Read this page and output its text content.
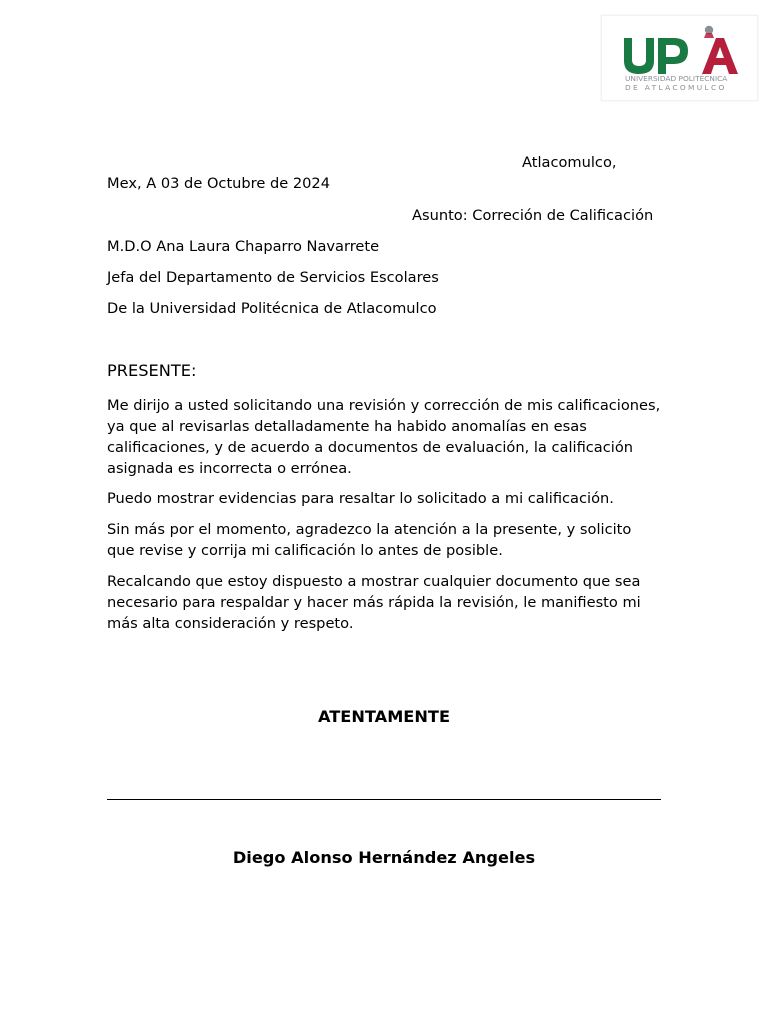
UNIVERSIDAD POLITÉCNICA
DE ATLACOMULCO
Atlacomulco,
Mex, A 03 de Octubre de 2024
Asunto: Correción de Calificación
M.D.O Ana Laura Chaparro Navarrete
Jefa del Departamento de Servicios Escolares
De la Universidad Politécnica de Atlacomulco
PRESENTE:
Me dirijo a usted solicitando una revisión y corrección de mis calificaciones, ya que al revisarlas detalladamente ha habido anomalías en esas calificaciones, y de acuerdo a documentos de evaluación, la calificación asignada es incorrecta o errónea.
Puedo mostrar evidencias para resaltar lo solicitado a mi calificación.
Sin más por el momento, agradezco la atención a la presente, y solicito que revise y corrija mi calificación lo antes de posible.
Recalcando que estoy dispuesto a mostrar cualquier documento que sea necesario para respaldar y hacer más rápida la revisión, le manifiesto mi más alta consideración y respeto.
ATENTAMENTE
Diego Alonso Hernández Angeles
